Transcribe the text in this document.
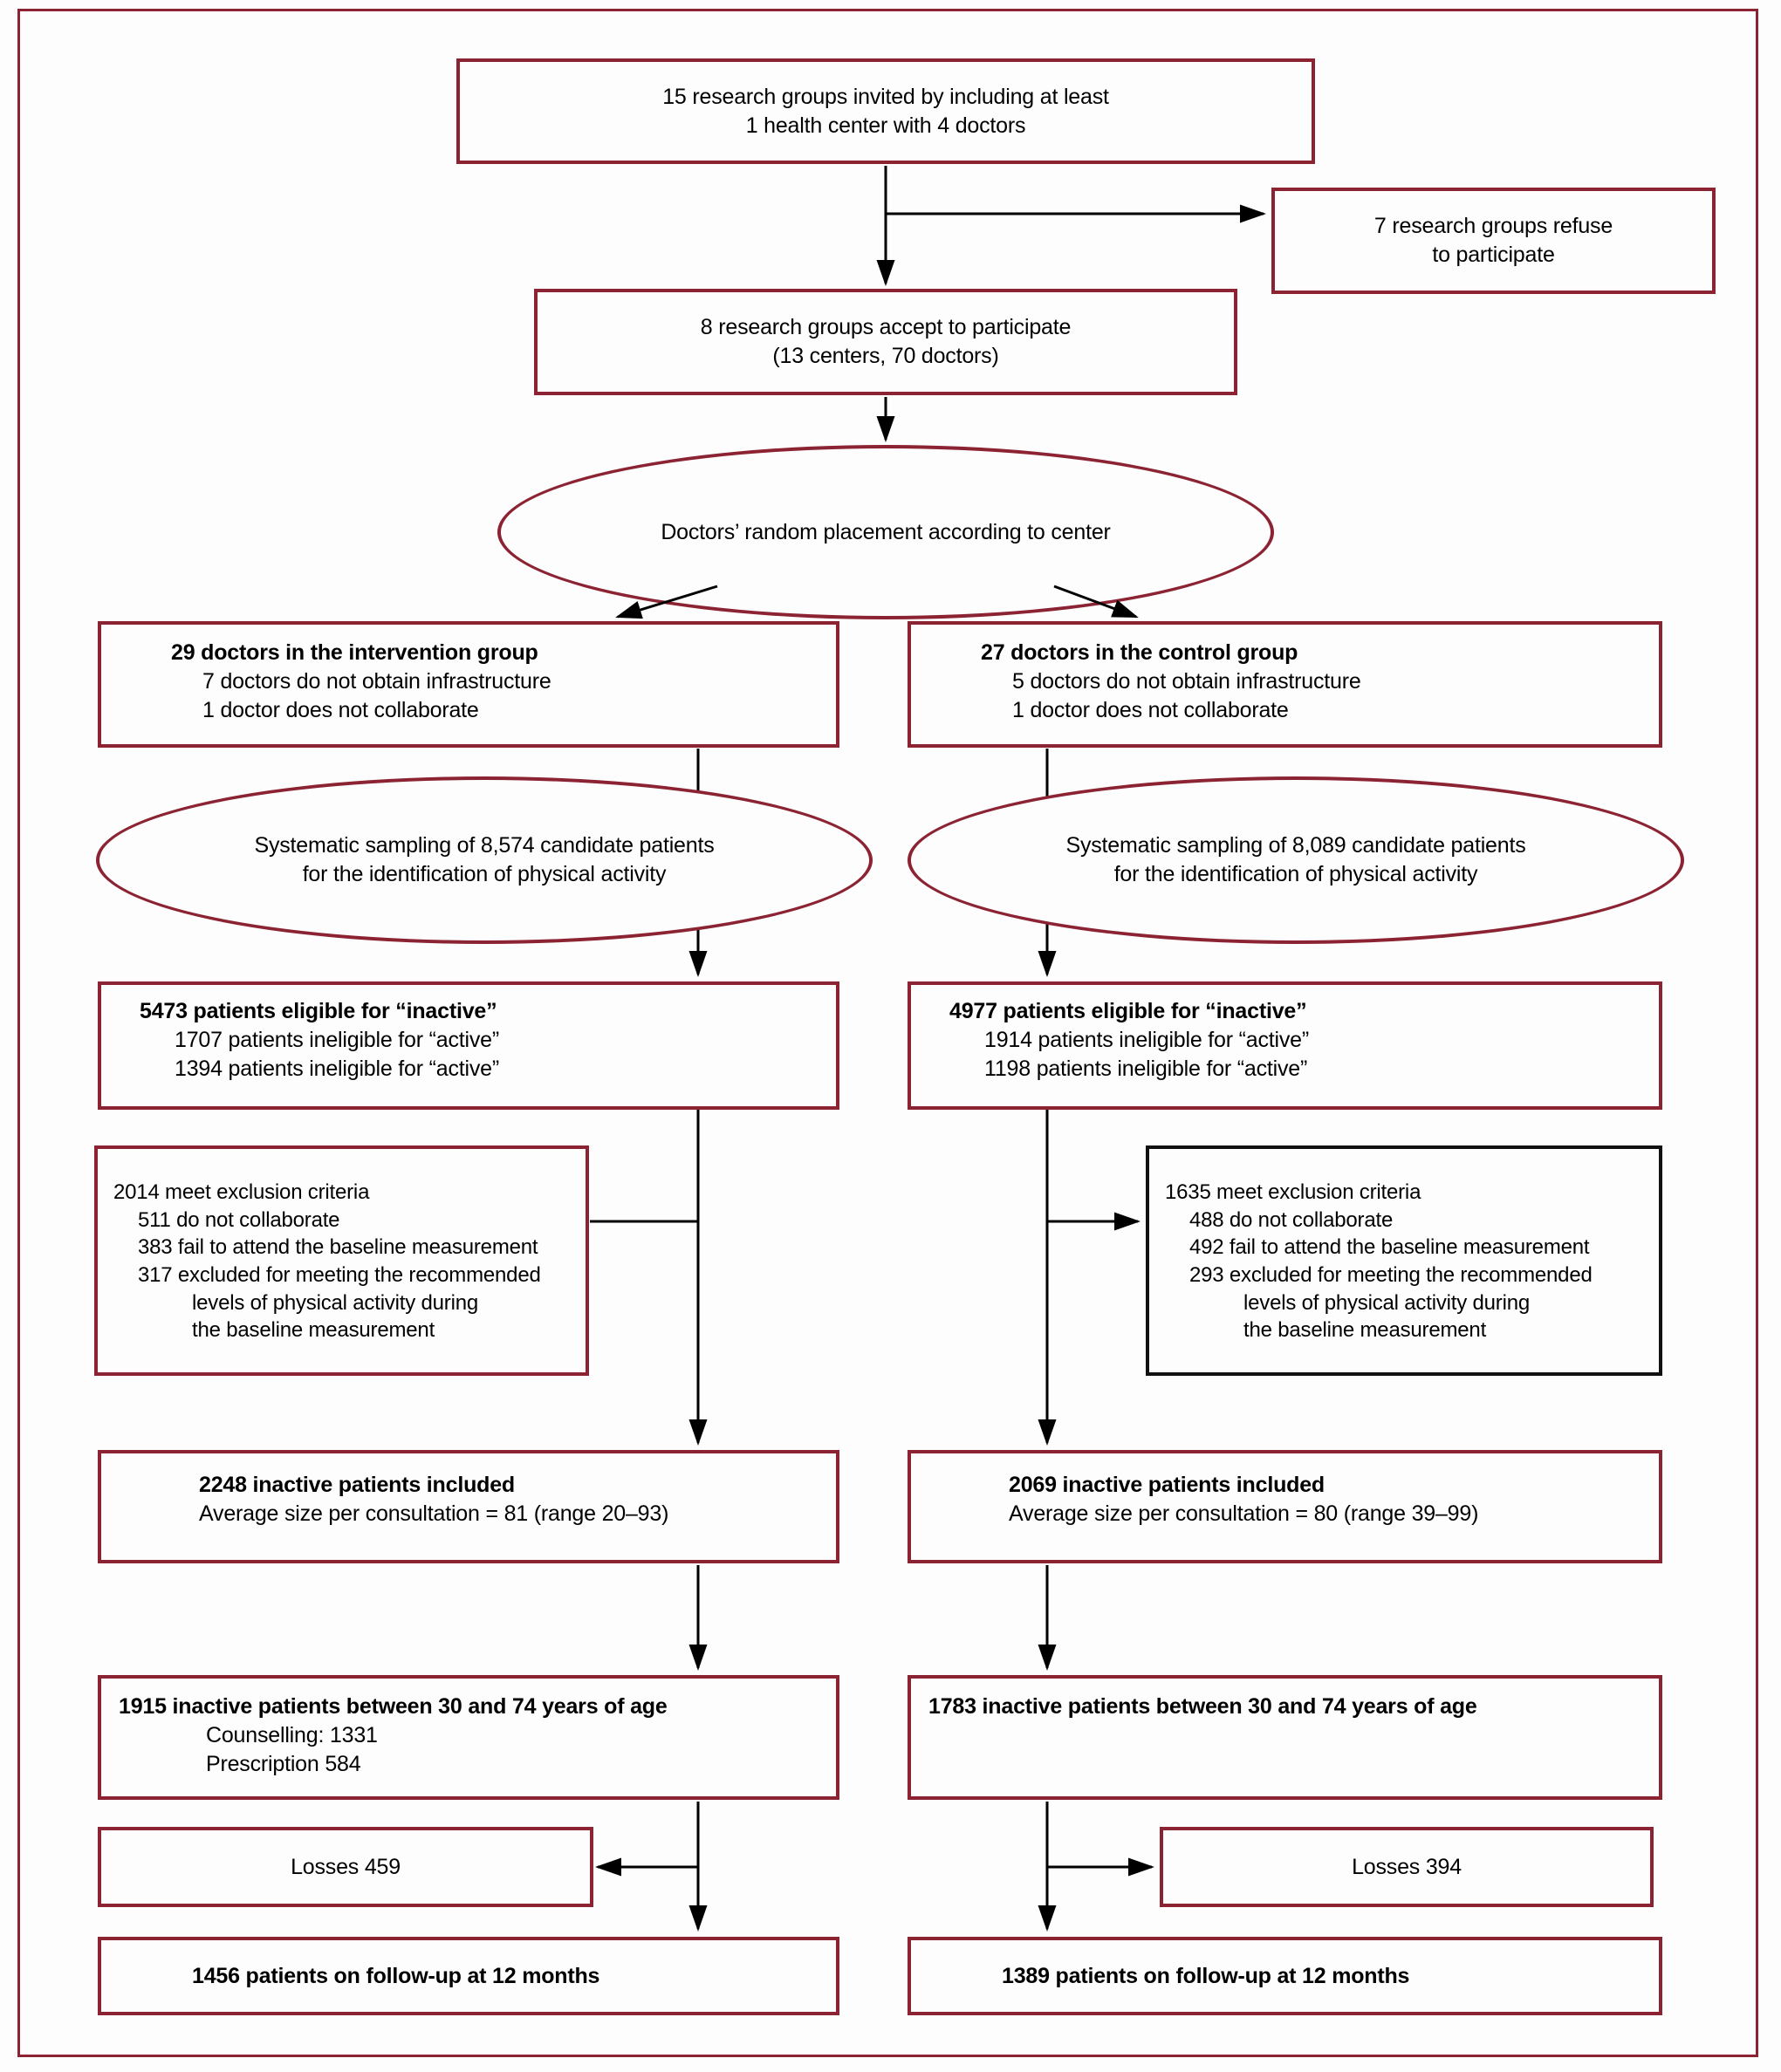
15 research groups invited by including at least
1 health center with 4 doctors
7 research groups refuse
to participate
8 research groups accept to participate
(13 centers, 70 doctors)
Doctors’ random placement according to center
29 doctors in the intervention group
7 doctors do not obtain infrastructure
1 doctor does not collaborate
27 doctors in the control group
5 doctors do not obtain infrastructure
1 doctor does not collaborate
Systematic sampling of 8,574 candidate patients
for the identification of physical activity
Systematic sampling of 8,089 candidate patients
for the identification of physical activity
5473 patients eligible for “inactive”
1707 patients ineligible for “active”
1394 patients ineligible for “active”
4977 patients eligible for “inactive”
1914 patients ineligible for “active”
1198 patients ineligible for “active”
2014 meet exclusion criteria
511 do not collaborate
383 fail to attend the baseline measurement
317 excluded for meeting the recommended
levels of physical activity during
the baseline measurement
1635 meet exclusion criteria
488 do not collaborate
492 fail to attend the baseline measurement
293 excluded for meeting the recommended
levels of physical activity during
the baseline measurement
2248 inactive patients included
Average size per consultation = 81 (range 20–93)
2069 inactive patients included
Average size per consultation = 80 (range 39–99)
1915 inactive patients between 30 and 74 years of age
Counselling: 1331
Prescription 584
1783 inactive patients between 30 and 74 years of age
Losses 459	Losses 394
1456 patients on follow-up at 12 months	1389 patients on follow-up at 12 months
